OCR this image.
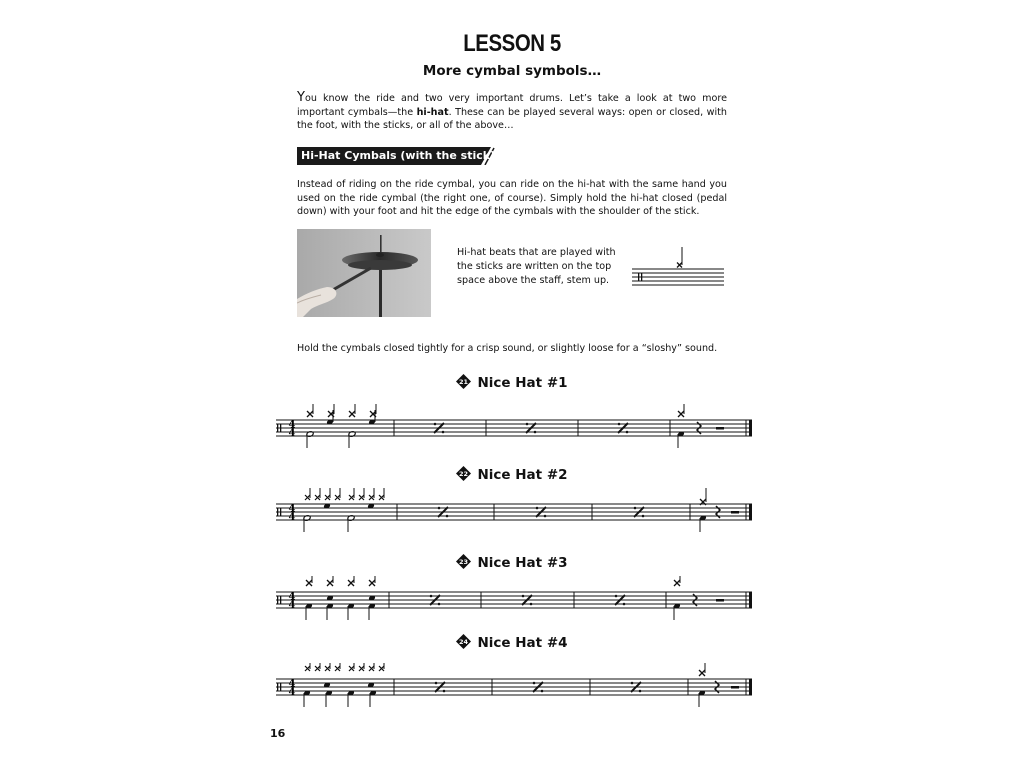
LESSON 5
More cymbal symbols…
You know the ride and two very important drums. Let’s take a look at two more important cymbals—the hi-hat. These can be played several ways: open or closed, with the foot, with the sticks, or all of the above…
Hi-Hat Cymbals (with the stick)
Instead of riding on the ride cymbal, you can ride on the hi-hat with the same hand you used on the ride cymbal (the right one, of course). Simply hold the hi-hat closed (pedal down) with your foot and hit the edge of the cymbals with the shoulder of the stick.
Hi-hat beats that are played with the sticks are written on the top space above the staff, stem up.
Hold the cymbals closed tightly for a crisp sound, or slightly loose for a “sloshy” sound.
21 Nice Hat #1
4
4
22 Nice Hat #2
4
4
23 Nice Hat #3
4
4
24 Nice Hat #4
4
4
16
